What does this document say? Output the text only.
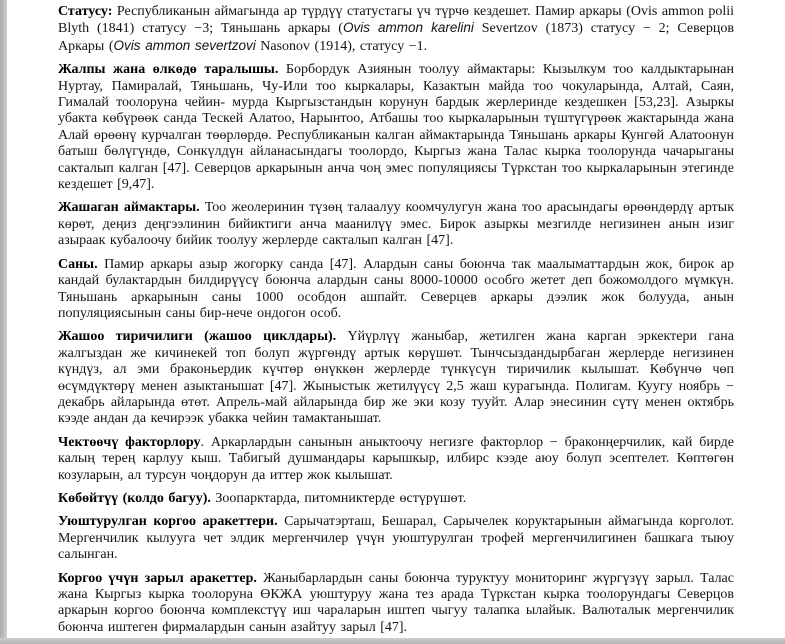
Статусу: Республиканын аймагында ар түрдүү статустагы үч түрчө кездешет. Памир аркары (Ovis ammon polii Blyth (1841) статусу −3; Тяньшань аркары (Ovis ammon karelini Severtzov (1873) статусу − 2; Северцов Аркары (Ovis ammon severtzovi Nasonov (1914), статусу −1.

Жалпы жана өлкөдө таралышы. Борбордук Азиянын тоолуу аймактары: Кызылкум тоо калдыктарынан Нуртау, Памиралай, Тяньшань, Чу-Или тоо кыркалары, Казактын майда тоо чокуларында, Алтай, Саян, Гималай тоолоруна чейин- мурда Кыргызстандын корунун бардык жерлеринде кездешкен [53,23]. Азыркы убакта көбүрөөк санда Тескей Алатоо, Нарынтоо, Атбашы тоо кыркаларынын түштүгүрөөк жактарында жана Алай өрөөнү курчалган төөрлөрдө. Республиканын калган аймактарында Тяньшань аркары Кунгөй Алатоонун батыш бөлүгүндө, Сонкүлдүн айланасындагы тоолордо, Кыргыз жана Талас кырка тоолорунда чачарыганы сакталып калган [47]. Северцов аркарынын анча чоң эмес популяциясы Түркстан тоо кыркаларынын этегинде кездешет [9,47].

Жашаган аймактары. Тоо жеолеринин түзөң талаалуу коомчулугун жана тоо арасындагы өрөөндөрдү артык көрөт, деңиз деңгээлинин бийиктиги анча маанилүү эмес. Бирок азыркы мезгилде негизинен анын изиг азыраак кубалоочу бийик тоолуу жерлерде сакталып калган [47].

Саны. Памир аркары азыр жогорку санда [47]. Алардын саны боюнча так маалыматтардын жок, бирок ар кандай булактардын билдирүүсү боюнча алардын саны 8000-10000 особго жетет деп божомолдого мүмкүн. Тяньшань аркарынын саны 1000 особдон ашпайт. Северцев аркары дээлик жок болууда, анын популяциясынын саны бир-нече ондогон особ.

Жашоо тиричилиги (жашоо циклдары). Үйүрлүү жаныбар, жетилген жана карган эркектери гана жалгыздан же кичинекей топ болуп жүргөндү артык көрүшөт. Тынчсыздандырбаган жерлерде негизинен күндүз, ал эми браконьердик күчтөр өнүккөн жерлерде түнкүсүн тиричилик кылышат. Көбүнчө чөп өсүмдүктөрү менен азыктанышат [47]. Жыныстык жетилүүсү 2,5 жаш курагында. Полигам. Куугу ноябрь − декабрь айларында өтөт. Апрель-май айларында бир же эки козу тууйт. Алар энесинин сүтү менен октябрь кээде андан да кечирээк убакка чейин тамактанышат.

Чектөөчү факторлору. Аркарлардын санынын аныктоочу негизге факторлор − браконңерчилик, кай бирде калың терең карлуу кыш. Табигый душмандары карышкыр, илбирс кээде аюу болуп эсептелет. Көптөгөн козуларын, ал турсун чоңдорун да иттер жок кылышат.

Көбөйтүү (колдо багуу). Зоопарктарда, питомниктерде өстүрүшөт.

Уюштурулган коргоо аракеттери. Сарычатэрташ, Бешарал, Сарычелек коруктарынын аймагында корголот. Мергенчилик кылууга чет элдик мергенчилер үчүн уюштурулган трофей мергенчилигинен башкага тыюу салынган.

Коргоо үчүн зарыл аракеттер. Жаныбарлардын саны боюнча туруктуу мониторинг жүргүзүү зарыл. Талас жана Кыргыз кырка тоолоруна ӨКЖА уюштуруу жана тез арада Түркстан кырка тоолорундагы Северцов аркарын коргоо боюнча комплекстүү иш чараларын иштеп чыгуу талапка ылайык. Валюталык мергенчилик боюнча иштеген фирмалардын санын азайтуу зарыл [47].
